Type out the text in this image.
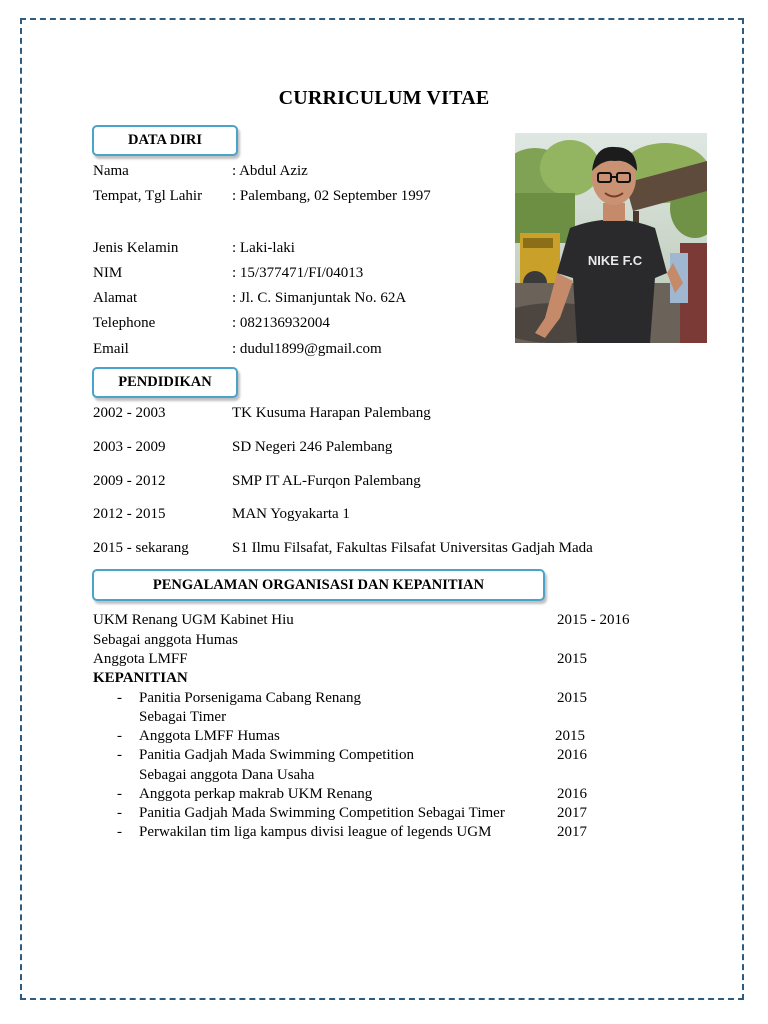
CURRICULUM VITAE
DATA DIRI
Nama	: Abdul Aziz
Tempat, Tgl Lahir : Palembang, 02 September 1997
Jenis Kelamin	: Laki-laki
NIM	: 15/377471/FI/04013
Alamat	: Jl. C. Simanjuntak No. 62A
Telephone	: 082136932004
Email	: dudul1899@gmail.com
NIKE F.C
PENDIDIKAN
2002 - 2003	TK Kusuma Harapan Palembang
2003 - 2009	SD Negeri 246 Palembang
2009 - 2012	SMP IT AL-Furqon Palembang
2012 - 2015	MAN Yogyakarta 1
2015 - sekarang	S1 Ilmu Filsafat, Fakultas Filsafat Universitas Gadjah Mada
PENGALAMAN ORGANISASI DAN KEPANITIAN
UKM Renang UGM Kabinet Hiu	2015 - 2016
Sebagai anggota Humas
Anggota LMFF	2015
KEPANITIAN
- Panitia Porsenigama Cabang Renang	2015
Sebagai Timer
- Anggota LMFF Humas	2015
- Panitia Gadjah Mada Swimming Competition	2016
Sebagai anggota Dana Usaha
- Anggota perkap makrab UKM Renang	2016
- Panitia Gadjah Mada Swimming Competition Sebagai Timer	2017
- Perwakilan tim liga kampus divisi league of legends UGM	2017
